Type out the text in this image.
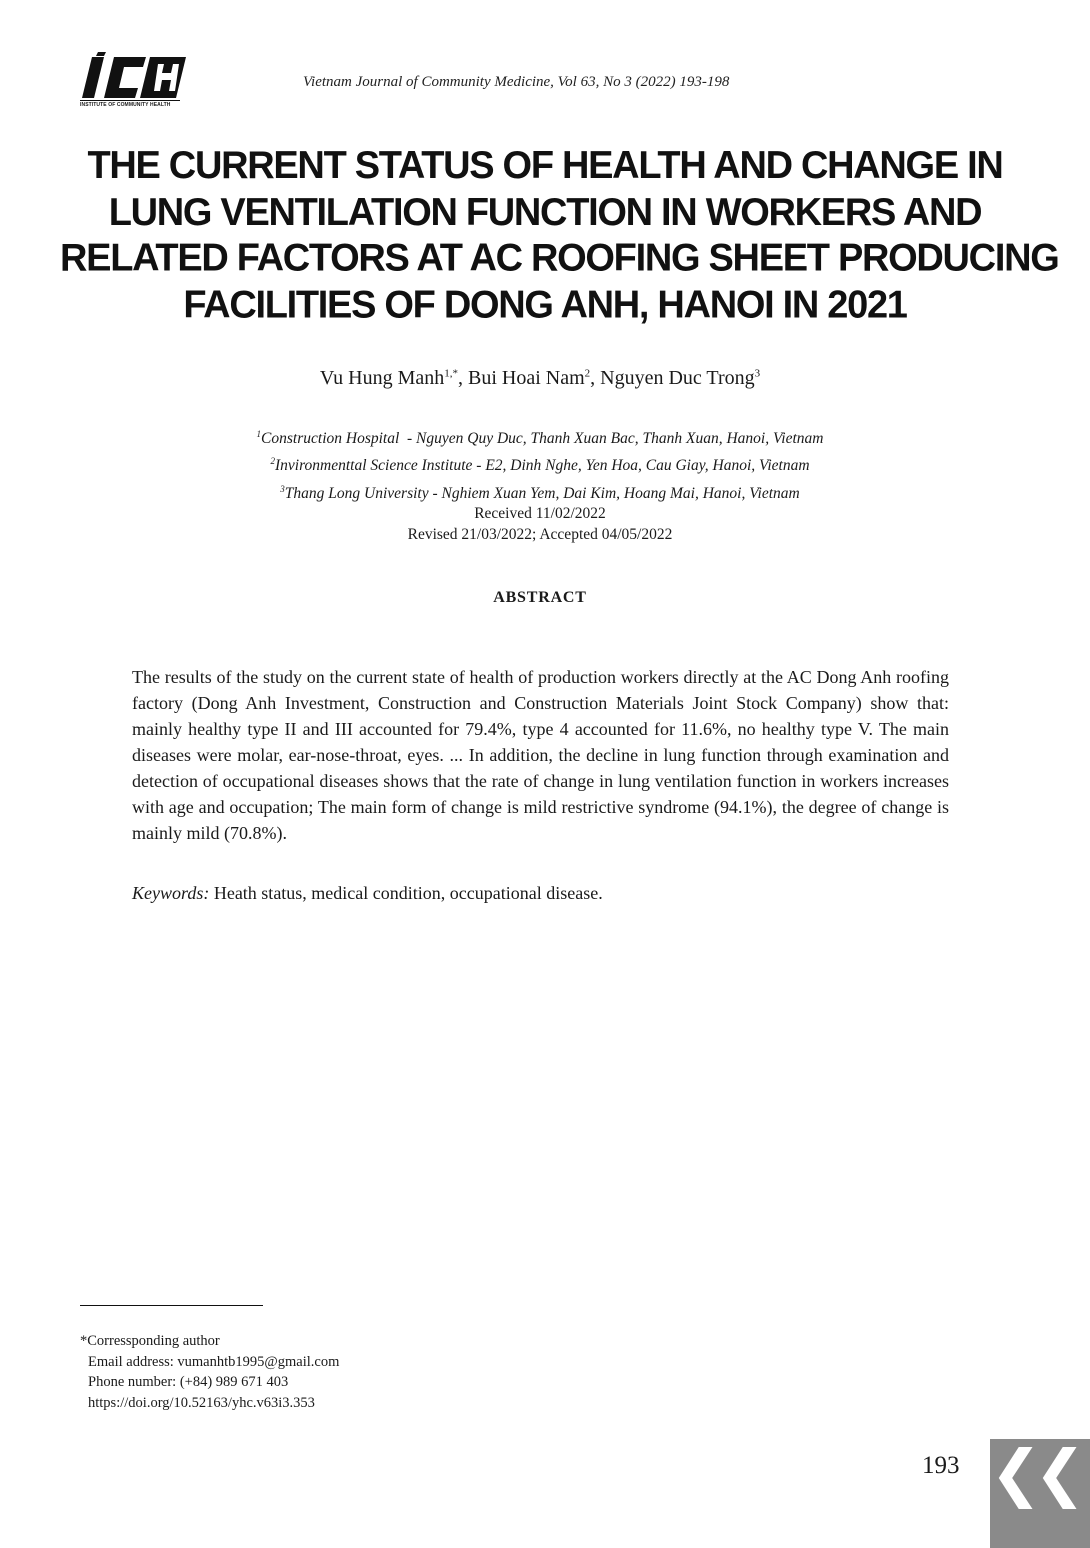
INSTITUTE OF COMMUNITY HEALTH
Vietnam Journal of Community Medicine, Vol 63, No 3 (2022) 193-198
THE CURRENT STATUS OF HEALTH AND CHANGE IN
LUNG VENTILATION FUNCTION IN WORKERS AND
RELATED FACTORS AT AC ROOFING SHEET PRODUCING
FACILITIES OF DONG ANH, HANOI IN 2021
Vu Hung Manh$^{1,*}$, Bui Hoai Nam$^2$, Nguyen Duc Trong$^3$
$^1$Construction Hospital  - Nguyen Quy Duc, Thanh Xuan Bac, Thanh Xuan, Hanoi, Vietnam
$^2$Invironmenttal Science Institute - E2, Dinh Nghe, Yen Hoa, Cau Giay, Hanoi, Vietnam
$^3$Thang Long University - Nghiem Xuan Yem, Dai Kim, Hoang Mai, Hanoi, Vietnam
Received 11/02/2022
Revised 21/03/2022; Accepted 04/05/2022
ABSTRACT
The results of the study on the current state of health of production workers directly at the AC Dong Anh roofing factory (Dong Anh Investment, Construction and Construction Materials Joint Stock Company) show that: mainly healthy type II and III accounted for 79.4%, type 4 accounted for 11.6%, no healthy type V. The main diseases were molar, ear-nose-throat, eyes. ... In addition, the decline in lung function through examination and detection of occupational diseases shows that the rate of change in lung ventilation function in workers increases with age and occupation; The main form of change is mild restrictive syndrome (94.1%), the degree of change is mainly mild (70.8%).
Keywords: Heath status, medical condition, occupational disease.
*Corressponding author
Email address: vumanhtb1995@gmail.com
Phone number: (+84) 989 671 403
https://doi.org/10.52163/yhc.v63i3.353
193 ❮❮
